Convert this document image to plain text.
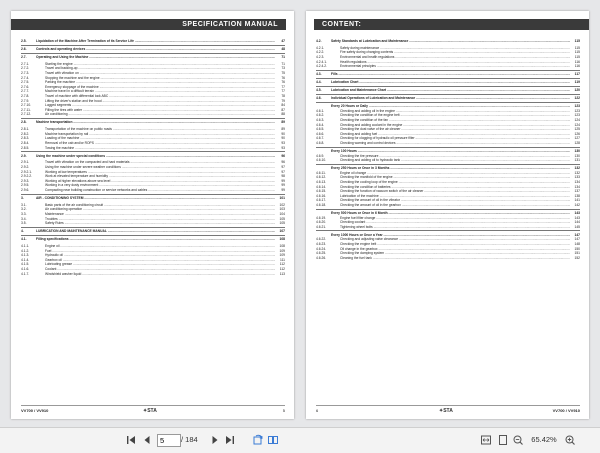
SPECIFICATION MANUAL
VV700 / VV910	✦STA	5
2.5.	Liquidation of the Machine After Termination of its Service Life .....	47
2.6.	Controls and operating devices .....	48
2.7.	Operating and Using the Machine .....	71
2.7.1.	Starting the engine .....	71
2.7.2.	Travel and backing-up .....	73
2.7.3.	Travel with vibration on .....	75
2.7.4.	Stopping the machine and the engine .....	76
2.7.5.	Parking the machine .....	76
2.7.6.	Emergency stoppage of the machine .....	77
2.7.7.	Machine travel in a difficult terrain .....	77
2.7.8.	Travel of machine with differential lock ABC .....	78
2.7.9.	Lifting the driver's station and the hood .....	79
2.7.10.	Lugged segments .....	84
2.7.11.	Filling the tires with water .....	87
2.7.12.	Air conditioning .....	88
2.8.	Machine transportation .....	89
2.8.1.	Transportation of the machine on public roads .....	89
2.8.2.	Machine transportation by rail .....	90
2.8.3.	Loading of the machine .....	90
2.8.4.	Removal of the cab and/or ROPS .....	93
2.8.5.	Towing the machine .....	93
2.9.	Using the machine under special conditions .....	96
2.9.1.	Travel with vibration on the compacted and hard materials .....	96
2.9.2.	Using the machine under severe weather conditions .....	97
2.9.2.1.	Working at low temperatures .....	97
2.9.2.2.	Work at elevated temperature and humidity .....	98
2.9.3.	Working at higher elevations above sea level .....	99
2.9.5.	Working in a very dusty environment .....	99
2.9.6.	Compacting near building construction or service networks and cables .....	99
3.	AIR - CONDITIONING SYSTEM .....	101
3.1.	Basic parts of the air conditioning circuit .....	102
3.2.	Air conditioning operation .....	103
3.3.	Maintenance .....	104
3.4.	Troubles .....	105
3.5.	Safety Rules .....	105
4.	LUBRICATION AND MAINTENANCE MANUAL .....	107
4.1.	Filling specifications .....	108
4.1.1.	Engine oil .....	108
4.1.2.	Fuel .....	109
4.1.3.	Hydraulic oil .....	109
4.1.4.	Gearbox oil .....	111
4.1.5.	Lubricating grease .....	112
4.1.6.	Coolant .....	112
4.1.7.	Windshield washer liquid .....	113
CONTENT:
6	✦STA	VV700 / VV910
4.2.	Safety Standards at Lubrication and Maintenance .....	115
4.2.1.	Safety during maintenance .....	115
4.2.2.	Fire safety during changing contents .....	115
4.2.3.	Environmental and health regulations .....	115
4.2.4.1.	Health regulations .....	116
4.2.4.2.	Environmental principles .....	116
4.3.	Fills .....	117
4.4.	Lubrication Chart .....	119
4.5.	Lubrication and Maintenance Chart .....	120
4.6.	Individual Operations of Lubrication and Maintenance .....	122
Every 20 Hours or Daily .....	123
4.6.1.	Checking and adding oil in the engine .....	123
4.6.2.	Checking the condition of the engine belt .....	123
4.6.3.	Checking the condition of the fan .....	124
4.6.4.	Checking and adding coolant in the engine .....	124
4.6.5.	Checking the dust valve of the air cleaner .....	125
4.6.6.	Checking and adding fuel .....	126
4.6.7.	Checking for clogging of hydraulic oil pressure filter .....	127
4.6.8.	Checking warning and control devices .....	128
Every 100 Hours .....	130
4.6.9.	Checking the tire pressure .....	130
4.6.10.	Checking and adding oil to hydraulic tank .....	131
Every 250 Hours or Once in 3 Months .....	132
4.6.11.	Engine oil change .....	132
4.6.12.	Checking the manifold of the engine .....	133
4.6.13.	Checking the cooling loop of the engine .....	134
4.6.14.	Checking the condition of batteries .....	134
4.6.15.	Checking the function of vacuum switch of the air cleaner .....	137
4.6.16.	Lubrication of the machine .....	138
4.6.17.	Checking the amount of oil in the vibrator .....	141
4.6.18.	Checking the amount of oil in the gearbox .....	142
Every 500 Hours or Once in 6 Month .....	143
4.6.19.	Engine fuel filter change .....	143
4.6.20.	Checking coolant .....	144
4.6.21.	Tightening wheel bolts .....	145
Every 1000 Hours or Once a Year .....	147
4.6.22.	Checking and adjusting valve clearance .....	147
4.6.23.	Checking the engine belt .....	148
4.6.24.	Oil change in the gearbox .....	150
4.6.25.	Checking the damping system .....	151
4.6.26.	Cleaning the fuel tank .....	152
5
/ 184	65.42%
